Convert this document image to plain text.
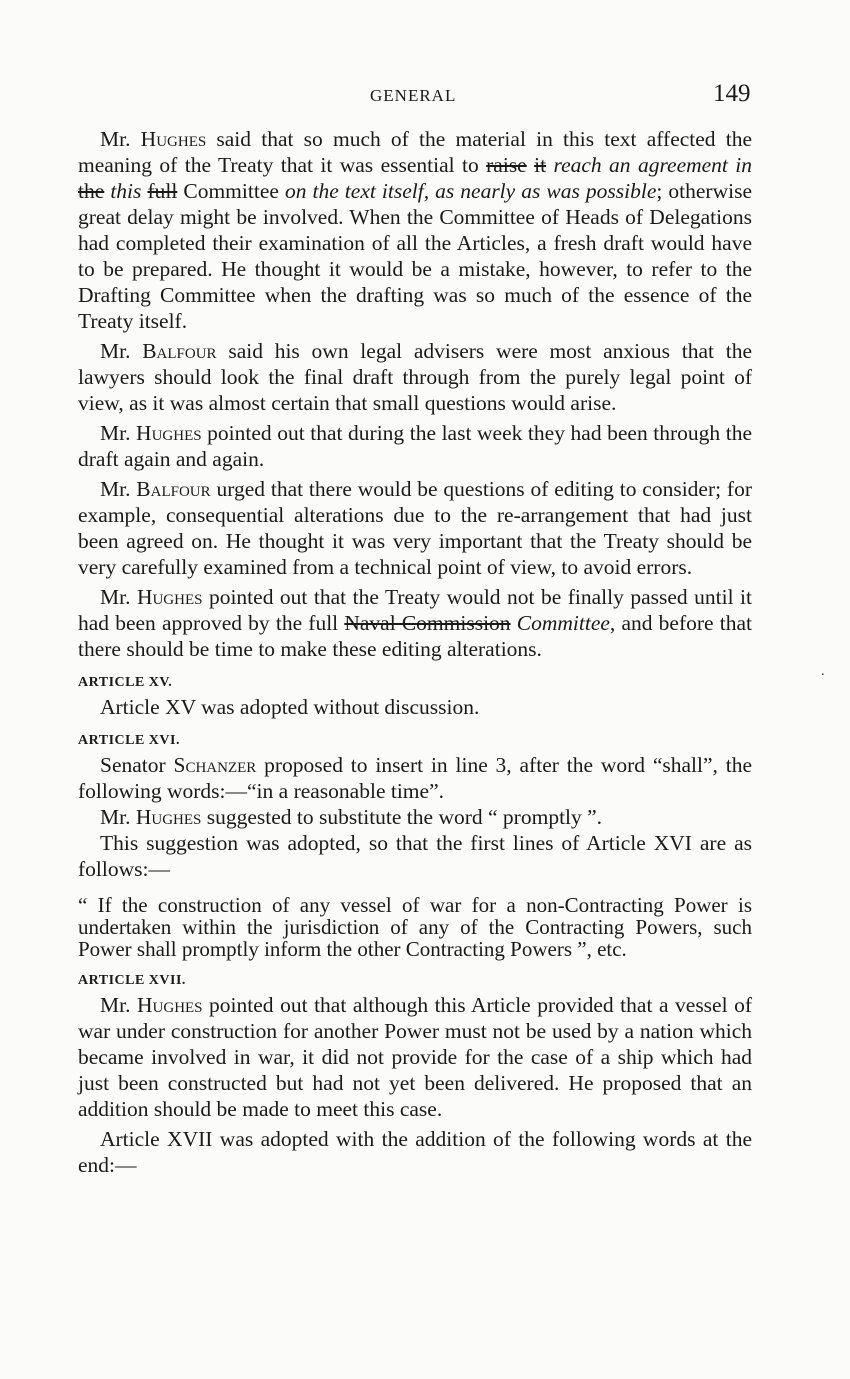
GENERAL	149

Mr. Hughes said that so much of the material in this text affected the meaning of the Treaty that it was essential to raise it reach an agreement in the this full Committee on the text itself, as nearly as was possible; otherwise great delay might be involved. When the Committee of Heads of Delegations had completed their examination of all the Articles, a fresh draft would have to be prepared. He thought it would be a mistake, however, to refer to the Drafting Committee when the drafting was so much of the essence of the Treaty itself.

Mr. Balfour said his own legal advisers were most anxious that the lawyers should look the final draft through from the purely legal point of view, as it was almost certain that small questions would arise.

Mr. Hughes pointed out that during the last week they had been through the draft again and again.

Mr. Balfour urged that there would be questions of editing to consider; for example, consequential alterations due to the re-arrangement that had just been agreed on. He thought it was very important that the Treaty should be very carefully examined from a technical point of view, to avoid errors.

Mr. Hughes pointed out that the Treaty would not be finally passed until it had been approved by the full Naval Commission Committee, and before that there should be time to make these editing alterations.

ARTICLE XV.

Article XV was adopted without discussion.

ARTICLE XVI.

Senator Schanzer proposed to insert in line 3, after the word “shall”, the following words:—“in a reasonable time”.

Mr. Hughes suggested to substitute the word “ promptly ”.

This suggestion was adopted, so that the first lines of Article XVI are as follows:—

“ If the construction of any vessel of war for a non-Contracting Power is undertaken within the jurisdiction of any of the Contracting Powers, such Power shall promptly inform the other Contracting Powers ”, etc.

ARTICLE XVII.

Mr. Hughes pointed out that although this Article provided that a vessel of war under construction for another Power must not be used by a nation which became involved in war, it did not provide for the case of a ship which had just been constructed but had not yet been delivered. He proposed that an addition should be made to meet this case.

Article XVII was adopted with the addition of the following words at the end:—

.
